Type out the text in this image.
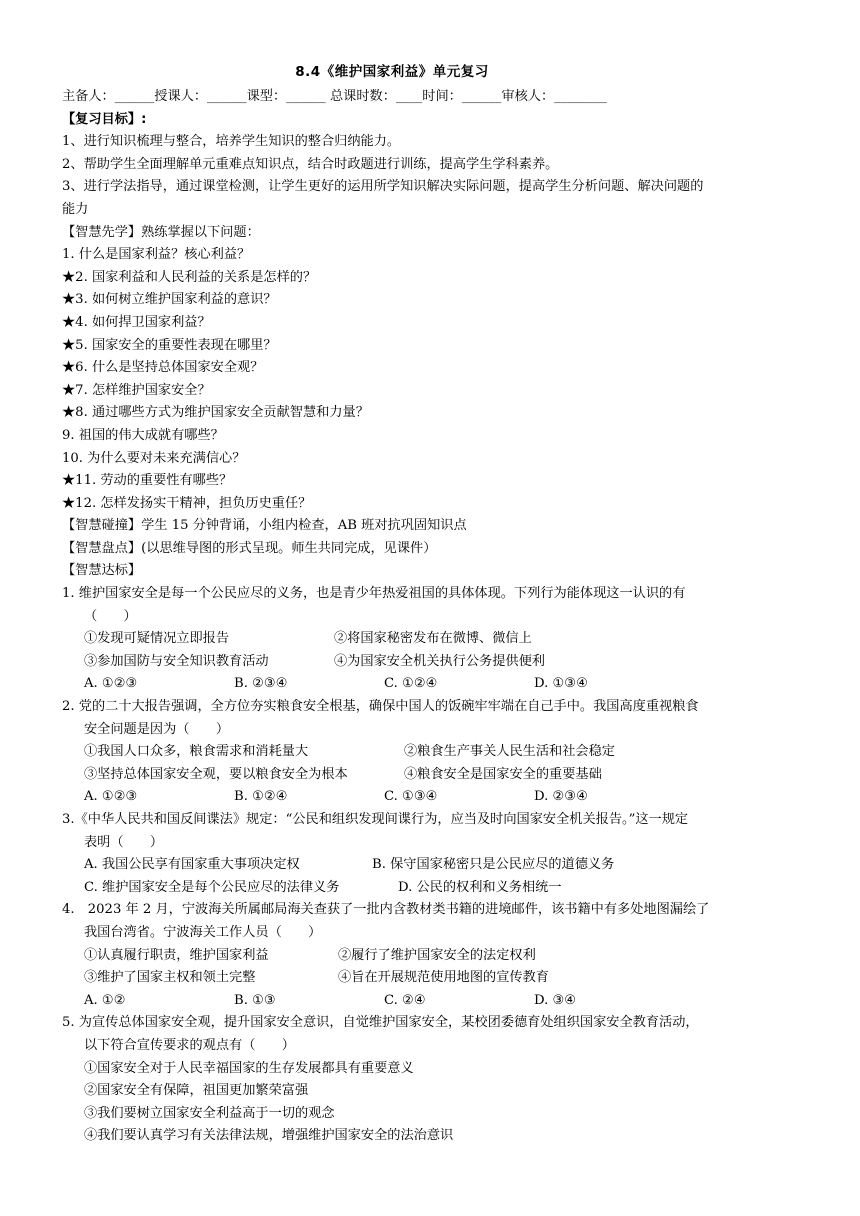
8.4《维护国家利益》单元复习
主备人：______授课人：______课型：______ 总课时数：____时间：______审核人：________
【复习目标】:
1、进行知识梳理与整合，培养学生知识的整合归纳能力。
2、帮助学生全面理解单元重难点知识点，结合时政题进行训练，提高学生学科素养。
3、进行学法指导，通过课堂检测，让学生更好的运用所学知识解决实际问题，提高学生分析问题、解决问题的
能力
【智慧先学】熟练掌握以下问题：
1. 什么是国家利益？核心利益？
★2. 国家利益和人民利益的关系是怎样的？
★3. 如何树立维护国家利益的意识？
★4. 如何捍卫国家利益？
★5. 国家安全的重要性表现在哪里？
★6. 什么是坚持总体国家安全观？
★7. 怎样维护国家安全？
★8. 通过哪些方式为维护国家安全贡献智慧和力量？
9. 祖国的伟大成就有哪些？
10. 为什么要对未来充满信心？
★11. 劳动的重要性有哪些？
★12. 怎样发扬实干精神，担负历史重任？
【智慧碰撞】学生 15 分钟背诵，小组内检查，AB 班对抗巩固知识点
【智慧盘点】(以思维导图的形式呈现。师生共同完成，见课件）
【智慧达标】
1. 维护国家安全是每一个公民应尽的义务，也是青少年热爱祖国的具体体现。下列行为能体现这一认识的有
（　　）
①发现可疑情况立即报告	②将国家秘密发布在微博、微信上
③参加国防与安全知识教育活动	④为国家安全机关执行公务提供便利
A. ①②③	B. ②③④	C. ①②④	D. ①③④
2. 党的二十大报告强调，全方位夯实粮食安全根基，确保中国人的饭碗牢牢端在自己手中。我国高度重视粮食
安全问题是因为（　　）
①我国人口众多，粮食需求和消耗量大	②粮食生产事关人民生活和社会稳定
③坚持总体国家安全观，要以粮食安全为根本	④粮食安全是国家安全的重要基础
A. ①②③	B. ①②④	C. ①③④	D. ②③④
3.《中华人民共和国反间谍法》规定：“公民和组织发现间谍行为，应当及时向国家安全机关报告。”这一规定
表明（　　）
A. 我国公民享有国家重大事项决定权	B. 保守国家秘密只是公民应尽的道德义务
C. 维护国家安全是每个公民应尽的法律义务	D. 公民的权利和义务相统一
4.　2023 年 2 月，宁波海关所属邮局海关查获了一批内含教材类书籍的进境邮件，该书籍中有多处地图漏绘了
我国台湾省。宁波海关工作人员（　　）
①认真履行职责，维护国家利益	②履行了维护国家安全的法定权利
③维护了国家主权和领土完整	④旨在开展规范使用地图的宣传教育
A. ①②	B. ①③	C. ②④	D. ③④
5. 为宣传总体国家安全观，提升国家安全意识，自觉维护国家安全，某校团委德育处组织国家安全教育活动，
以下符合宣传要求的观点有（　　）
①国家安全对于人民幸福国家的生存发展都具有重要意义
②国家安全有保障，祖国更加繁荣富强
③我们要树立国家安全利益高于一切的观念
④我们要认真学习有关法律法规，增强维护国家安全的法治意识
